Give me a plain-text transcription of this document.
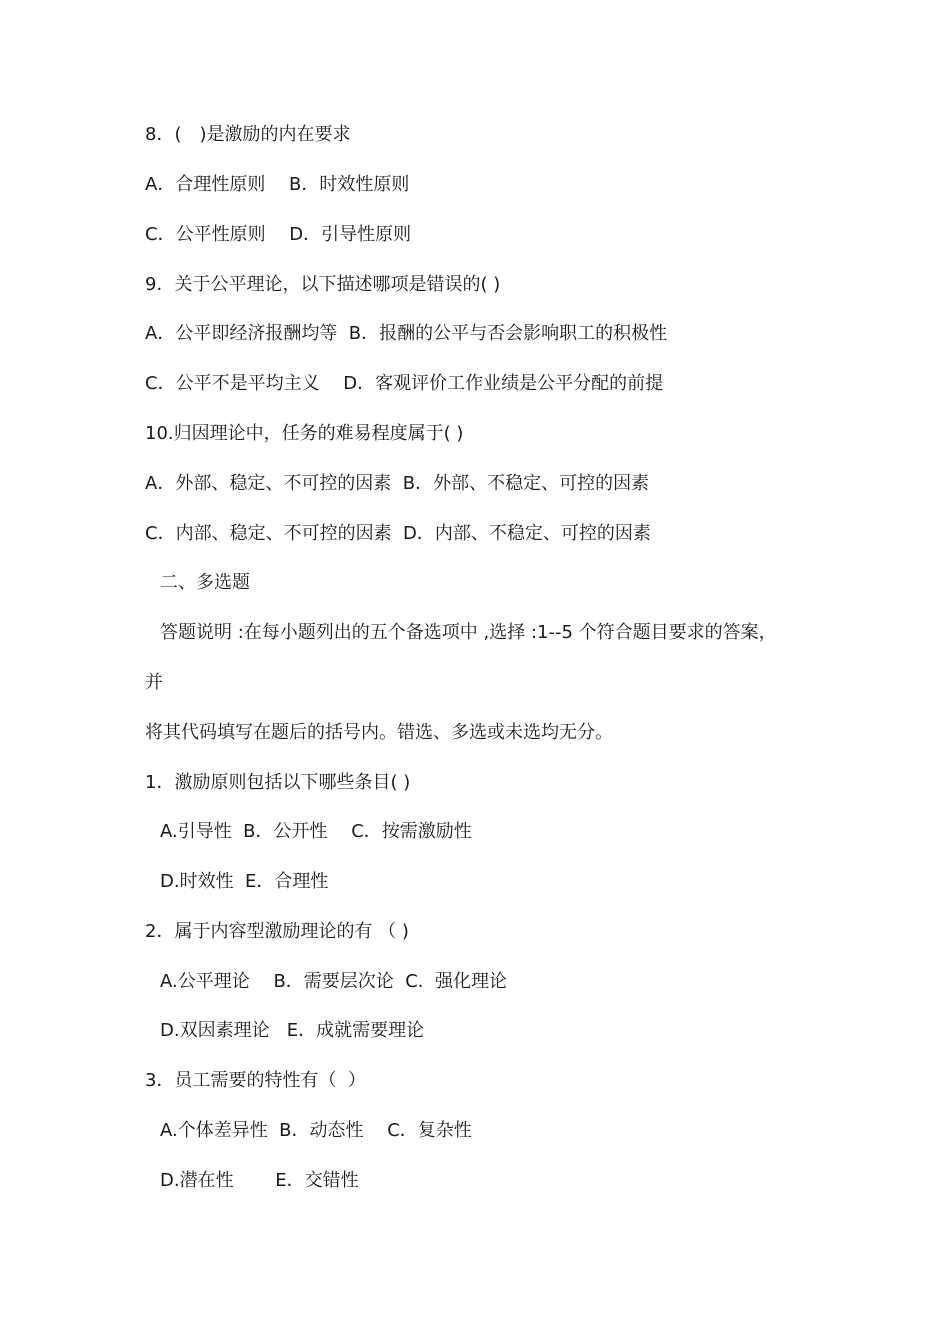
8．(　)是激励的内在要求
A．合理性原则　 B．时效性原则
C．公平性原则　 D．引导性原则
9．关于公平理论，以下描述哪项是错误的( )
A．公平即经济报酬均等  B．报酬的公平与否会影响职工的积极性
C．公平不是平均主义　 D．客观评价工作业绩是公平分配的前提
10.归因理论中，任务的难易程度属于( )
A．外部、稳定、不可控的因素  B．外部、不稳定、可控的因素
C．内部、稳定、不可控的因素  D．内部、不稳定、可控的因素
二、多选题
答题说明 :在每小题列出的五个备选项中 ,选择 :1--5 个符合题目要求的答案，
并
将其代码填写在题后的括号内。错选、多选或未选均无分。
1．激励原则包括以下哪些条目( )
A.引导性  B．公开性　 C．按需激励性
D.时效性  E．合理性
2．属于内容型激励理论的有 （ )
A.公平理论　 B．需要层次论  C.  强化理论
D.双因素理论   E．成就需要理论
3．员工需要的特性有（  ）
A.个体差异性  B．动态性　 C．复杂性
D.潜在性　　 E．交错性
